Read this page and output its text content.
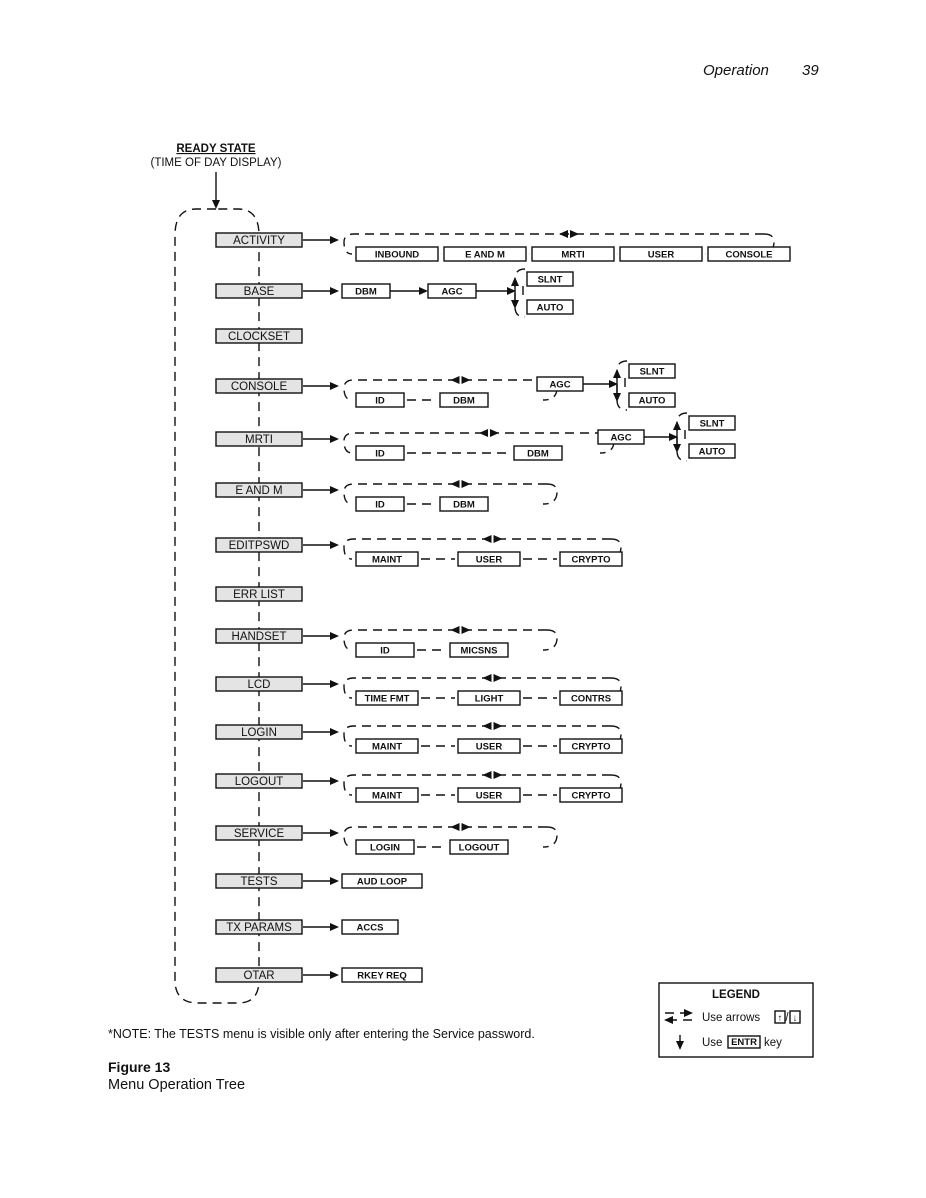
Operation 39
READY STATE
(TIME OF DAY DISPLAY)
ACTIVITY
INBOUND	E AND M	MRTI	USER	CONSOLE
BASE	DBM	AGC
SLNT
AUTO
CLOCKSET
CONSOLE
ID	DBM
AGC
SLNT
AUTO
MRTI
ID	DBM
AGC
SLNT
AUTO
E AND M
ID	DBM
EDITPSWD
MAINT	USER	CRYPTO
ERR LIST
HANDSET
ID	MICSNS
LCD
TIME FMT	LIGHT	CONTRS
LOGIN
MAINT	USER	CRYPTO
LOGOUT
MAINT	USER	CRYPTO
SERVICE
LOGIN	LOGOUT
TESTS	AUD LOOP
TX PARAMS	ACCS
OTAR	RKEY REQ
LEGEND
Use arrows ↑ / ↓
Use ENTR key
*NOTE: The TESTS menu is visible only after entering the Service password.
Figure 13
Menu Operation Tree
